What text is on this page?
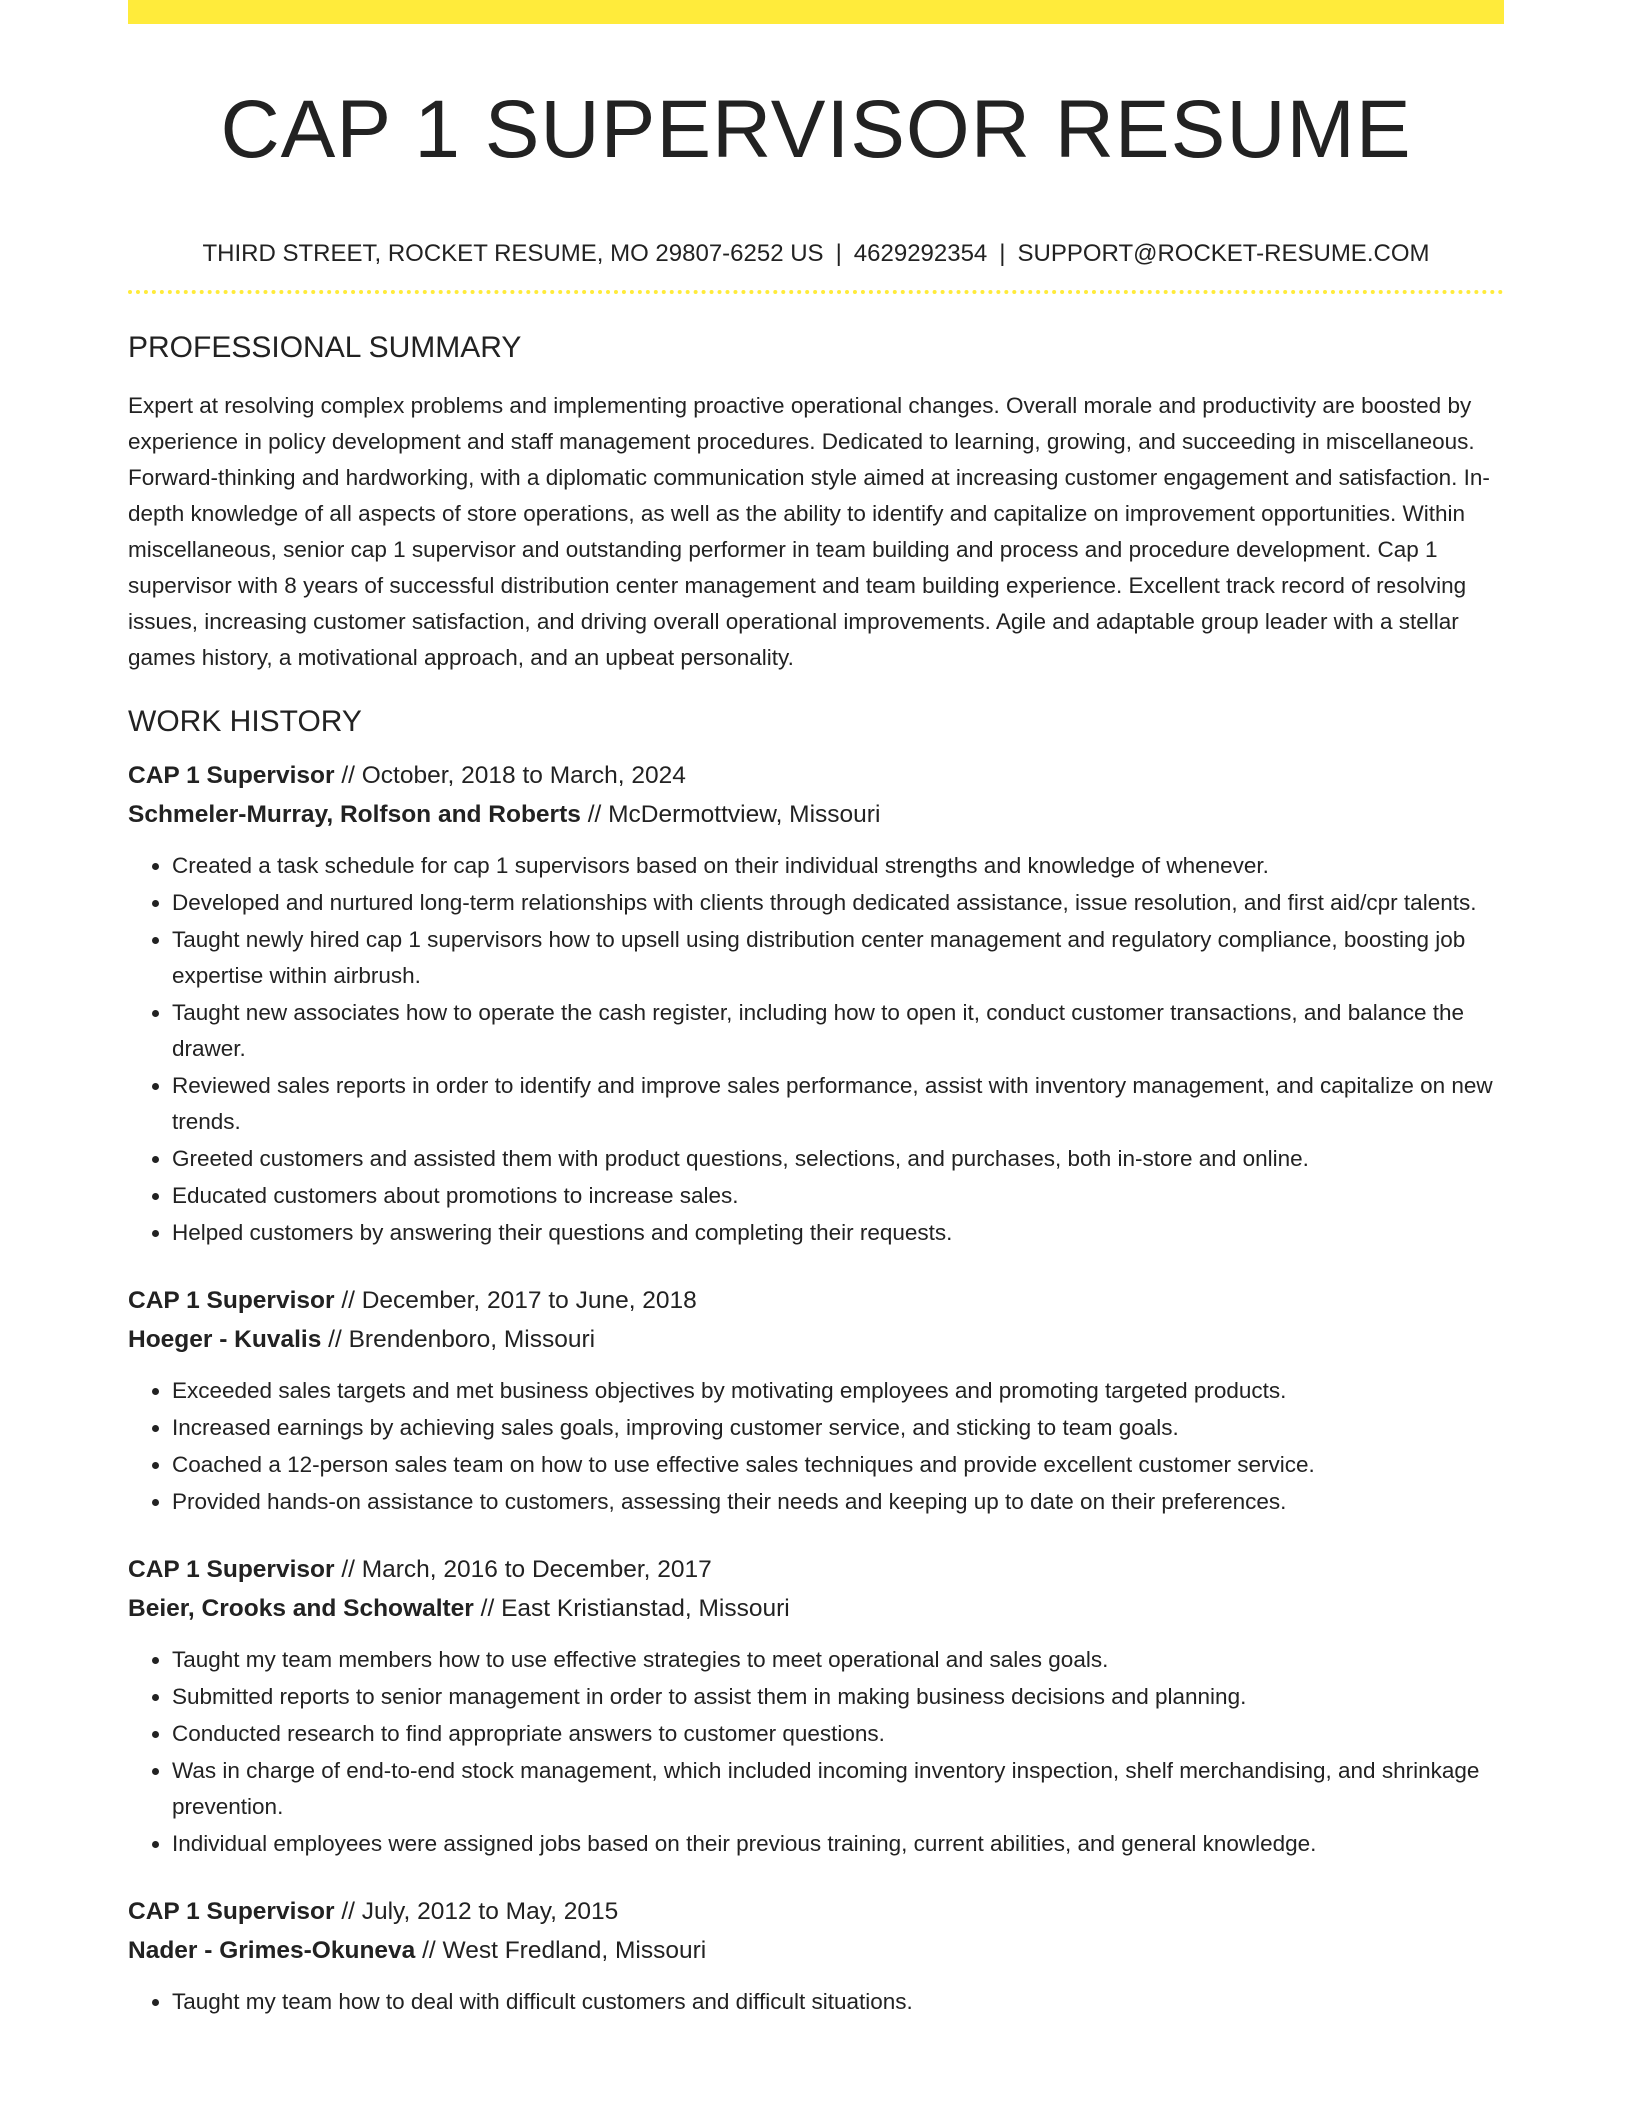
CAP 1 SUPERVISOR RESUME
THIRD STREET, ROCKET RESUME, MO 29807-6252 US | 4629292354 | SUPPORT@ROCKET-RESUME.COM
PROFESSIONAL SUMMARY

Expert at resolving complex problems and implementing proactive operational changes. Overall morale and productivity are boosted by experience in policy development and staff management procedures. Dedicated to learning, growing, and succeeding in miscellaneous. Forward-thinking and hardworking, with a diplomatic communication style aimed at increasing customer engagement and satisfaction. In-depth knowledge of all aspects of store operations, as well as the ability to identify and capitalize on improvement opportunities. Within miscellaneous, senior cap 1 supervisor and outstanding performer in team building and process and procedure development. Cap 1 supervisor with 8 years of successful distribution center management and team building experience. Excellent track record of resolving issues, increasing customer satisfaction, and driving overall operational improvements. Agile and adaptable group leader with a stellar games history, a motivational approach, and an upbeat personality.

WORK HISTORY
CAP 1 Supervisor // October, 2018 to March, 2024
Schmeler-Murray, Rolfson and Roberts // McDermottview, Missouri
• Created a task schedule for cap 1 supervisors based on their individual strengths and knowledge of whenever.
• Developed and nurtured long-term relationships with clients through dedicated assistance, issue resolution, and first aid/cpr talents.
• Taught newly hired cap 1 supervisors how to upsell using distribution center management and regulatory compliance, boosting job expertise within airbrush.
• Taught new associates how to operate the cash register, including how to open it, conduct customer transactions, and balance the drawer.
• Reviewed sales reports in order to identify and improve sales performance, assist with inventory management, and capitalize on new trends.
• Greeted customers and assisted them with product questions, selections, and purchases, both in-store and online.
• Educated customers about promotions to increase sales.
• Helped customers by answering their questions and completing their requests.
CAP 1 Supervisor // December, 2017 to June, 2018
Hoeger - Kuvalis // Brendenboro, Missouri
• Exceeded sales targets and met business objectives by motivating employees and promoting targeted products.
• Increased earnings by achieving sales goals, improving customer service, and sticking to team goals.
• Coached a 12-person sales team on how to use effective sales techniques and provide excellent customer service.
• Provided hands-on assistance to customers, assessing their needs and keeping up to date on their preferences.
CAP 1 Supervisor // March, 2016 to December, 2017
Beier, Crooks and Schowalter // East Kristianstad, Missouri
• Taught my team members how to use effective strategies to meet operational and sales goals.
• Submitted reports to senior management in order to assist them in making business decisions and planning.
• Conducted research to find appropriate answers to customer questions.
• Was in charge of end-to-end stock management, which included incoming inventory inspection, shelf merchandising, and shrinkage prevention.
• Individual employees were assigned jobs based on their previous training, current abilities, and general knowledge.
CAP 1 Supervisor // July, 2012 to May, 2015
Nader - Grimes-Okuneva // West Fredland, Missouri
• Taught my team how to deal with difficult customers and difficult situations.
